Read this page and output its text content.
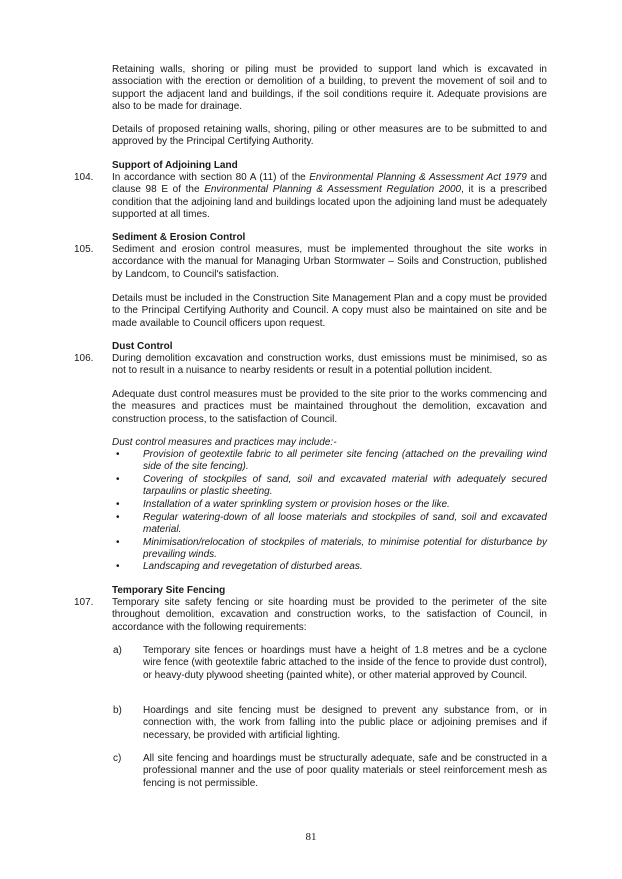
Retaining walls, shoring or piling must be provided to support land which is excavated in association with the erection or demolition of a building, to prevent the movement of soil and to support the adjacent land and buildings, if the soil conditions require it. Adequate provisions are also to be made for drainage.
Details of proposed retaining walls, shoring, piling or other measures are to be submitted to and approved by the Principal Certifying Authority.
Support of Adjoining Land
104. In accordance with section 80 A (11) of the Environmental Planning & Assessment Act 1979 and clause 98 E of the Environmental Planning & Assessment Regulation 2000, it is a prescribed condition that the adjoining land and buildings located upon the adjoining land must be adequately supported at all times.
Sediment & Erosion Control
105. Sediment and erosion control measures, must be implemented throughout the site works in accordance with the manual for Managing Urban Stormwater – Soils and Construction, published by Landcom, to Council's satisfaction.
Details must be included in the Construction Site Management Plan and a copy must be provided to the Principal Certifying Authority and Council. A copy must also be maintained on site and be made available to Council officers upon request.
Dust Control
106. During demolition excavation and construction works, dust emissions must be minimised, so as not to result in a nuisance to nearby residents or result in a potential pollution incident.
Adequate dust control measures must be provided to the site prior to the works commencing and the measures and practices must be maintained throughout the demolition, excavation and construction process, to the satisfaction of Council.
Dust control measures and practices may include:-
• Provision of geotextile fabric to all perimeter site fencing (attached on the prevailing wind side of the site fencing).
• Covering of stockpiles of sand, soil and excavated material with adequately secured tarpaulins or plastic sheeting.
• Installation of a water sprinkling system or provision hoses or the like.
• Regular watering-down of all loose materials and stockpiles of sand, soil and excavated material.
• Minimisation/relocation of stockpiles of materials, to minimise potential for disturbance by prevailing winds.
• Landscaping and revegetation of disturbed areas.
Temporary Site Fencing
107. Temporary site safety fencing or site hoarding must be provided to the perimeter of the site throughout demolition, excavation and construction works, to the satisfaction of Council, in accordance with the following requirements:
a) Temporary site fences or hoardings must have a height of 1.8 metres and be a cyclone wire fence (with geotextile fabric attached to the inside of the fence to provide dust control), or heavy-duty plywood sheeting (painted white), or other material approved by Council.
b) Hoardings and site fencing must be designed to prevent any substance from, or in connection with, the work from falling into the public place or adjoining premises and if necessary, be provided with artificial lighting.
c) All site fencing and hoardings must be structurally adequate, safe and be constructed in a professional manner and the use of poor quality materials or steel reinforcement mesh as fencing is not permissible.
81
